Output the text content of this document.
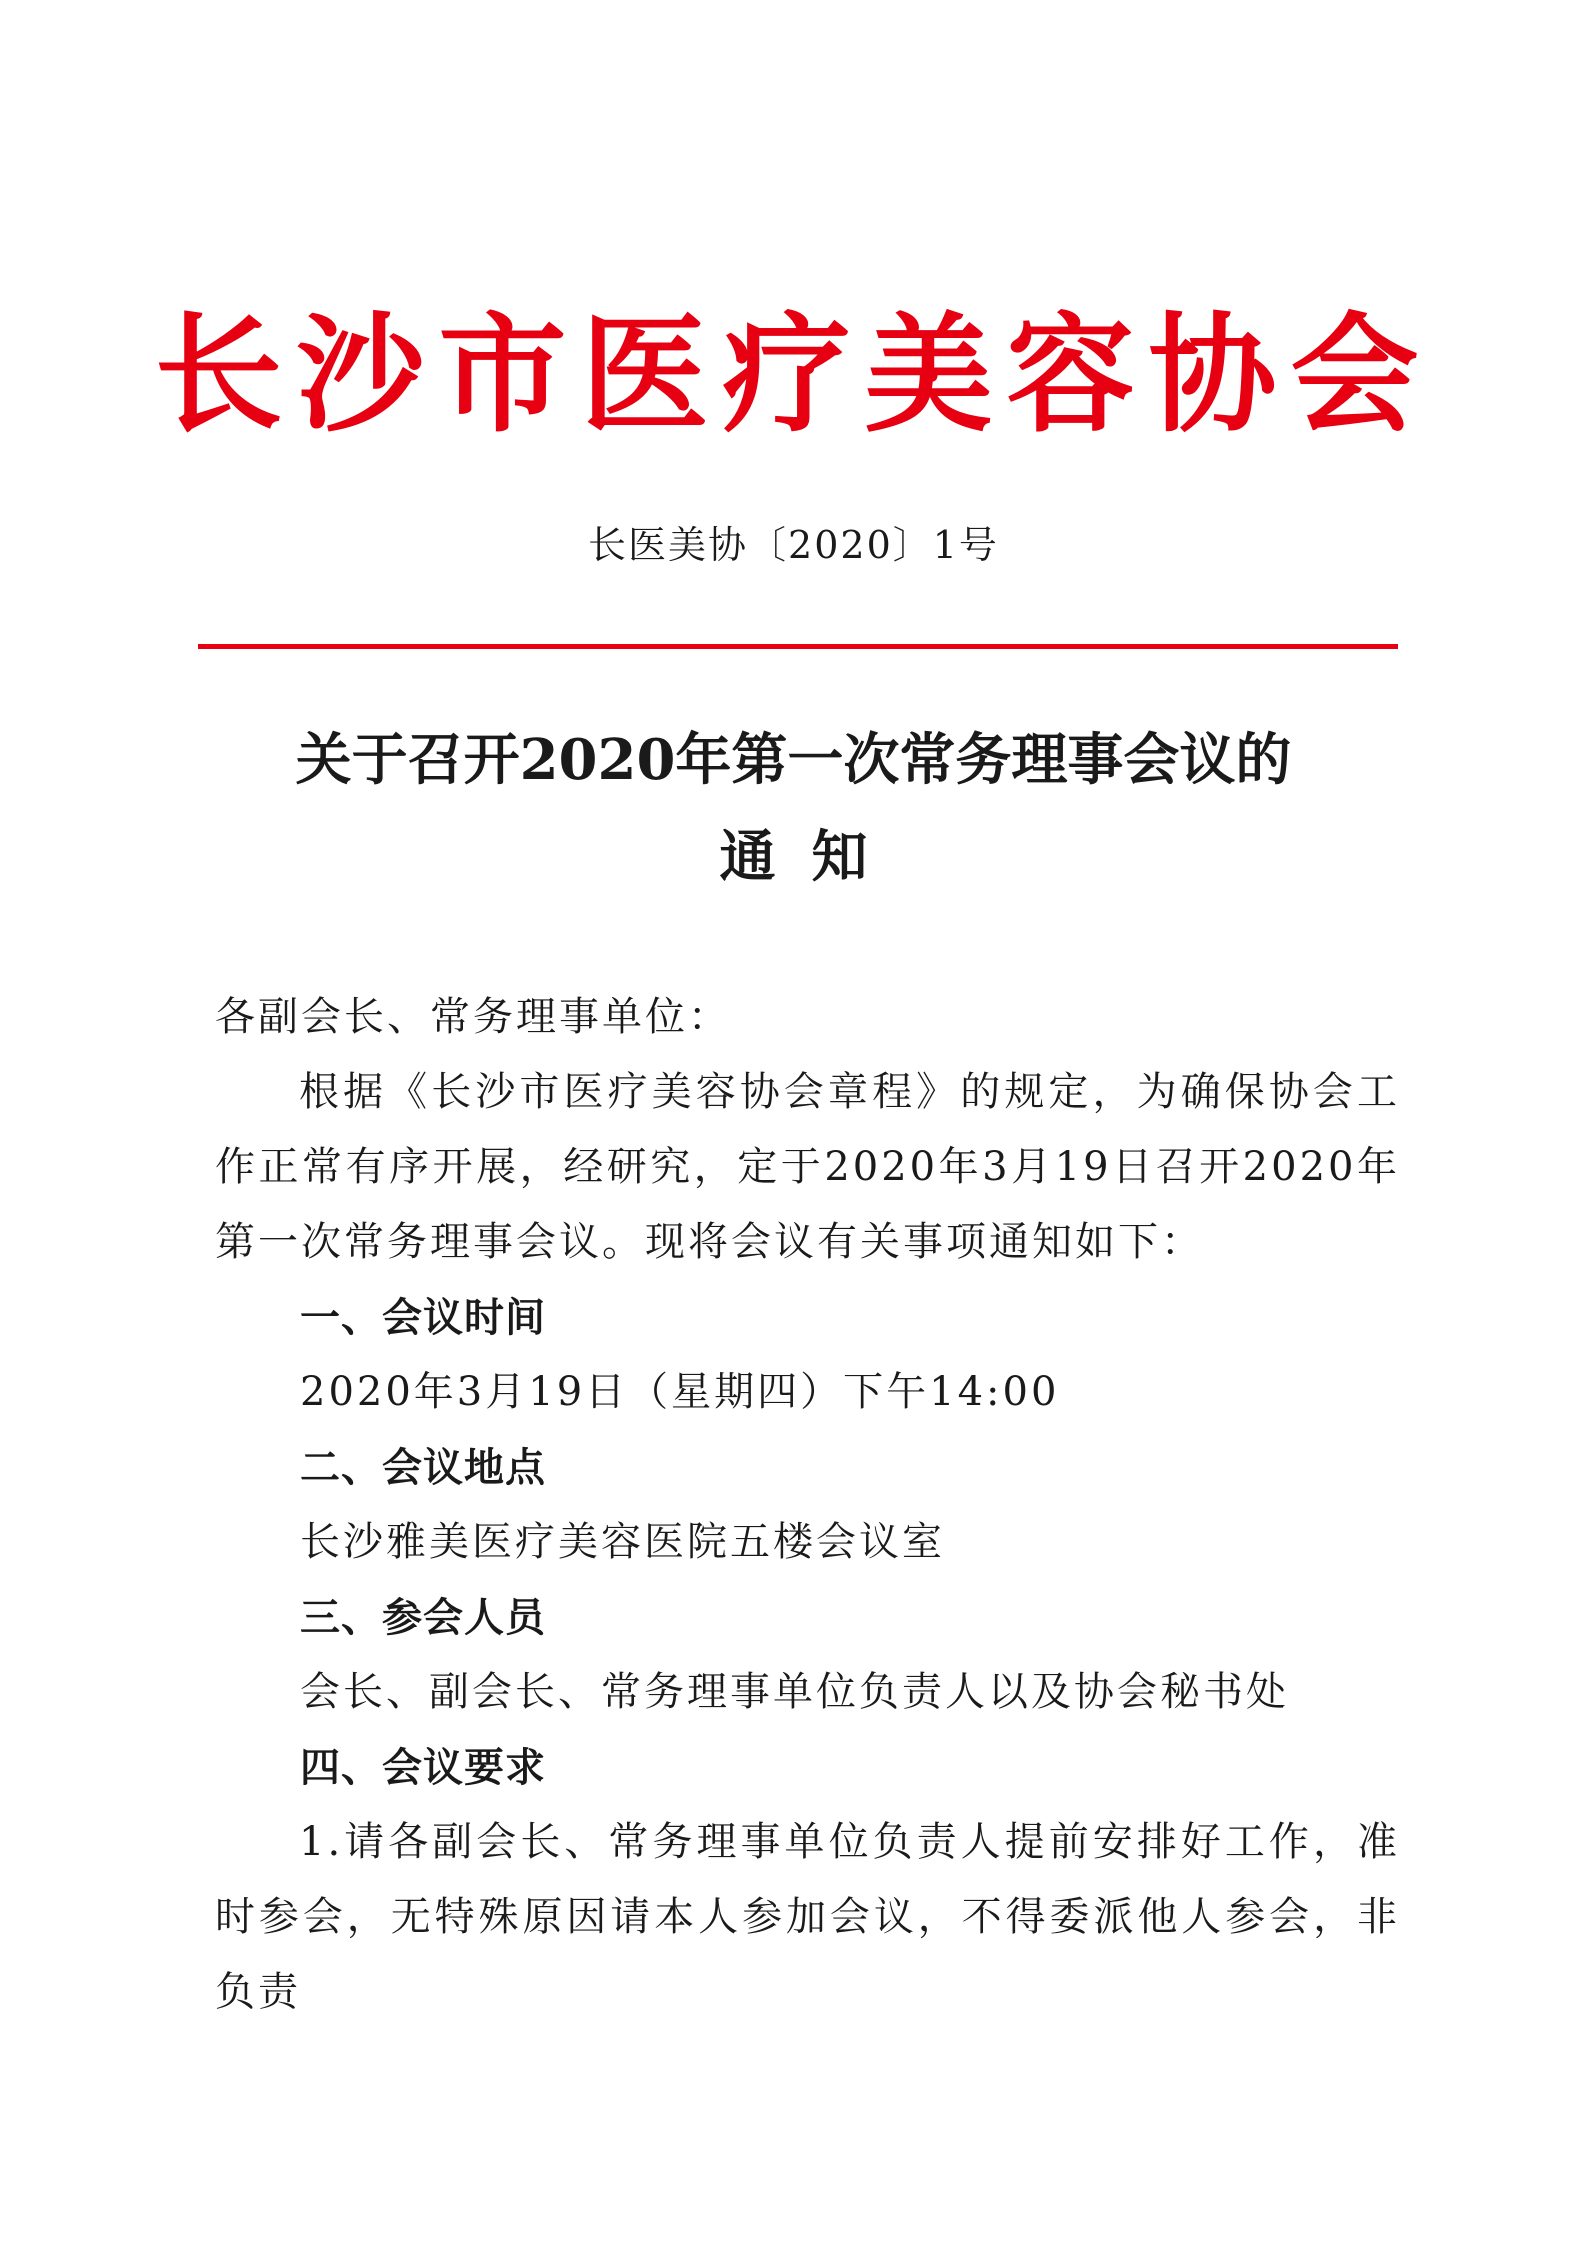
长沙市医疗美容协会
长医美协〔2020〕1号
关于召开2020年第一次常务理事会议的
通知

各副会长、常务理事单位：

根据《长沙市医疗美容协会章程》的规定，为确保协会工作正常有序开展，经研究，定于2020年3月19日召开2020年第一次常务理事会议。现将会议有关事项通知如下：

一、会议时间

2020年3月19日（星期四）下午14:00

二、会议地点

长沙雅美医疗美容医院五楼会议室

三、参会人员

会长、副会长、常务理事单位负责人以及协会秘书处

四、会议要求

1.请各副会长、常务理事单位负责人提前安排好工作，准时参会，无特殊原因请本人参加会议，不得委派他人参会，非负责
